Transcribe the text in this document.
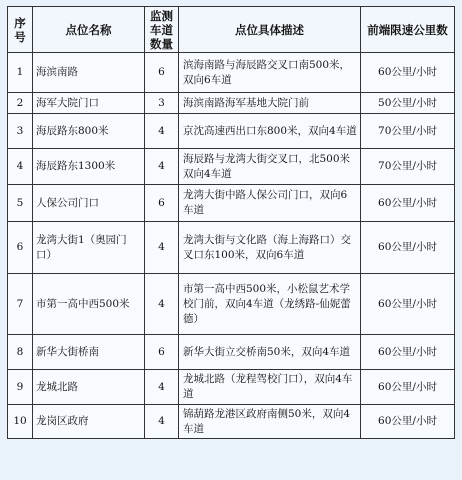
序号	点位名称	监测车道数量	点位具体描述	前端限速公里数
1	海滨南路	6	滨海南路与海辰路交叉口南500米，双向6车道	60公里/小时
2	海军大院门口	3	海滨南路海军基地大院门前	50公里/小时
3	海辰路东800米	4	京沈高速西出口东800米，双向4车道	70公里/小时
4	海辰路东1300米	4	海辰路与龙湾大街交叉口，北500米双向4车道	70公里/小时
5	人保公司门口	6	龙湾大街中路人保公司门口，双向6车道	60公里/小时
6	龙湾大街1（奥园门口）	4	龙湾大街与文化路（海上海路口）交叉口东100米，双向6车道	60公里/小时
7	市第一高中西500米	4	市第一高中西500米，小松鼠艺术学校门前，双向4车道（龙绣路-仙妮蕾德）	60公里/小时
8	新华大街桥南	6	新华大街立交桥南50米，双向4车道	60公里/小时
9	龙城北路	4	龙城北路（龙程驾校门口），双向4车道	60公里/小时
10	龙岗区政府	4	锦葫路龙港区政府南侧50米，双向4车道	60公里/小时
